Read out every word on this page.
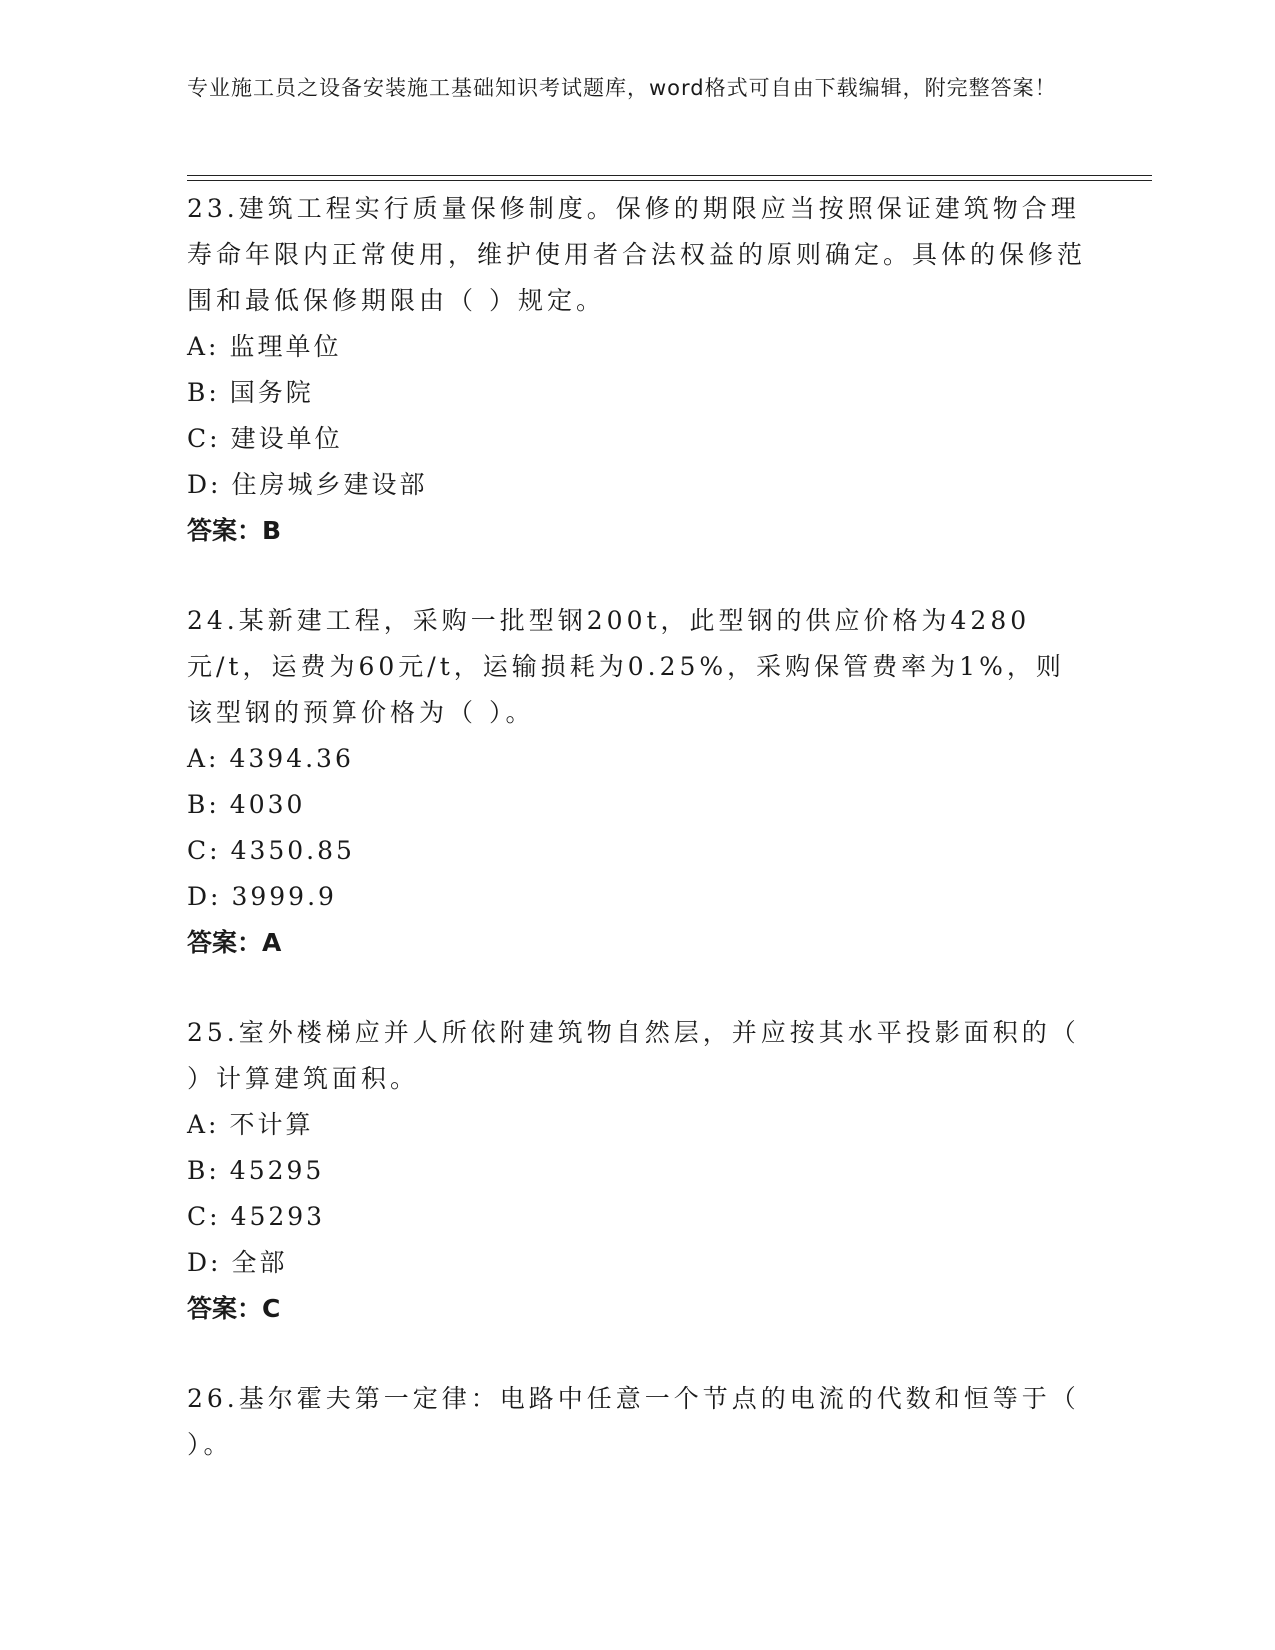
专业施工员之设备安装施工基础知识考试题库，word格式可自由下载编辑，附完整答案！
23.建筑工程实行质量保修制度。保修的期限应当按照保证建筑物合理寿命年限内正常使用，维护使用者合法权益的原则确定。具体的保修范围和最低保修期限由（ ）规定。
A: 监理单位
B: 国务院
C: 建设单位
D: 住房城乡建设部
答案：B
24.某新建工程，采购一批型钢200t，此型钢的供应价格为4280元/t，运费为60元/t，运输损耗为0.25%，采购保管费率为1%，则该型钢的预算价格为（ ）。
A: 4394.36
B: 4030
C: 4350.85
D: 3999.9
答案：A
25.室外楼梯应并人所依附建筑物自然层，并应按其水平投影面积的（ ）计算建筑面积。
A: 不计算
B: 45295
C: 45293
D: 全部
答案：C
26.基尔霍夫第一定律：电路中任意一个节点的电流的代数和恒等于（ ）。
